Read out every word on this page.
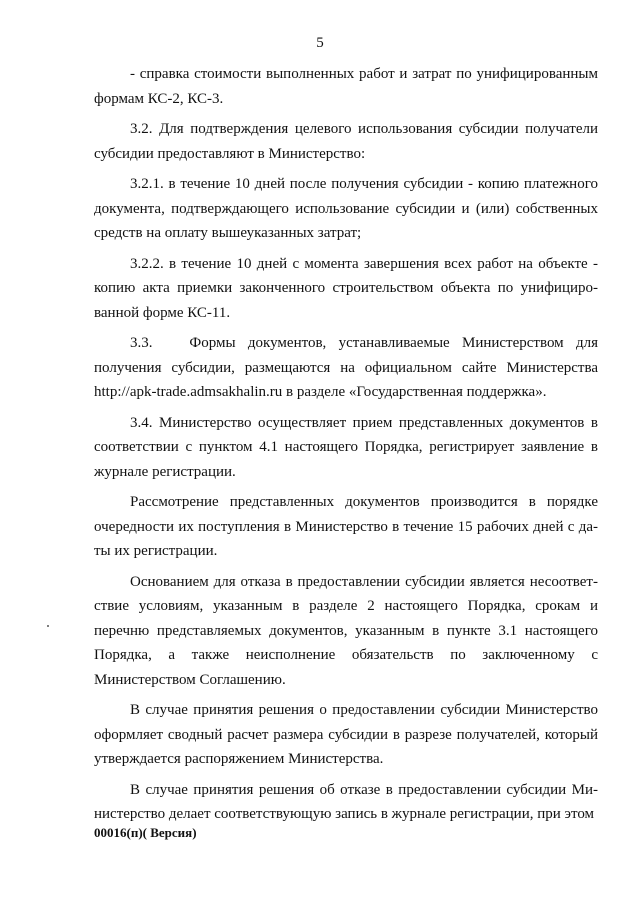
5

- справка стоимости выполненных работ и затрат по унифицированным формам КС-2, КС-3.

3.2. Для подтверждения целевого использования субсидии получатели субсидии предоставляют в Министерство:

3.2.1. в течение 10 дней после получения субсидии - копию платежного документа, подтверждающего использование субсидии и (или) собственных средств на оплату вышеуказанных затрат;

3.2.2. в течение 10 дней с момента завершения всех работ на объекте - копию акта приемки законченного строительством объекта по унифицированной форме КС-11.

3.3.   Формы документов, устанавливаемые Министерством для получения субсидии, размещаются на официальном сайте Министерства http://apk-trade.admsakhalin.ru в разделе «Государственная поддержка».

3.4. Министерство осуществляет прием представленных документов в соответствии с пунктом 4.1 настоящего Порядка, регистрирует заявление в журнале регистрации.

Рассмотрение представленных документов производится в порядке очередности их поступления в Министерство в течение 15 рабочих дней с даты их регистрации.

Основанием для отказа в предоставлении субсидии является несоответствие условиям, указанным в разделе 2 настоящего Порядка, срокам и перечню представляемых документов, указанным в пункте 3.1 настоящего Порядка, а также неисполнение обязательств по заключенному с Министерством Соглашению.

В случае принятия решения о предоставлении субсидии Министерство оформляет сводный расчет размера субсидии в разрезе получателей, который утверждается распоряжением Министерства.

В случае принятия решения об отказе в предоставлении субсидии Министерство делает соответствующую запись в журнале регистрации, при этом

00016(п)( Версия)
